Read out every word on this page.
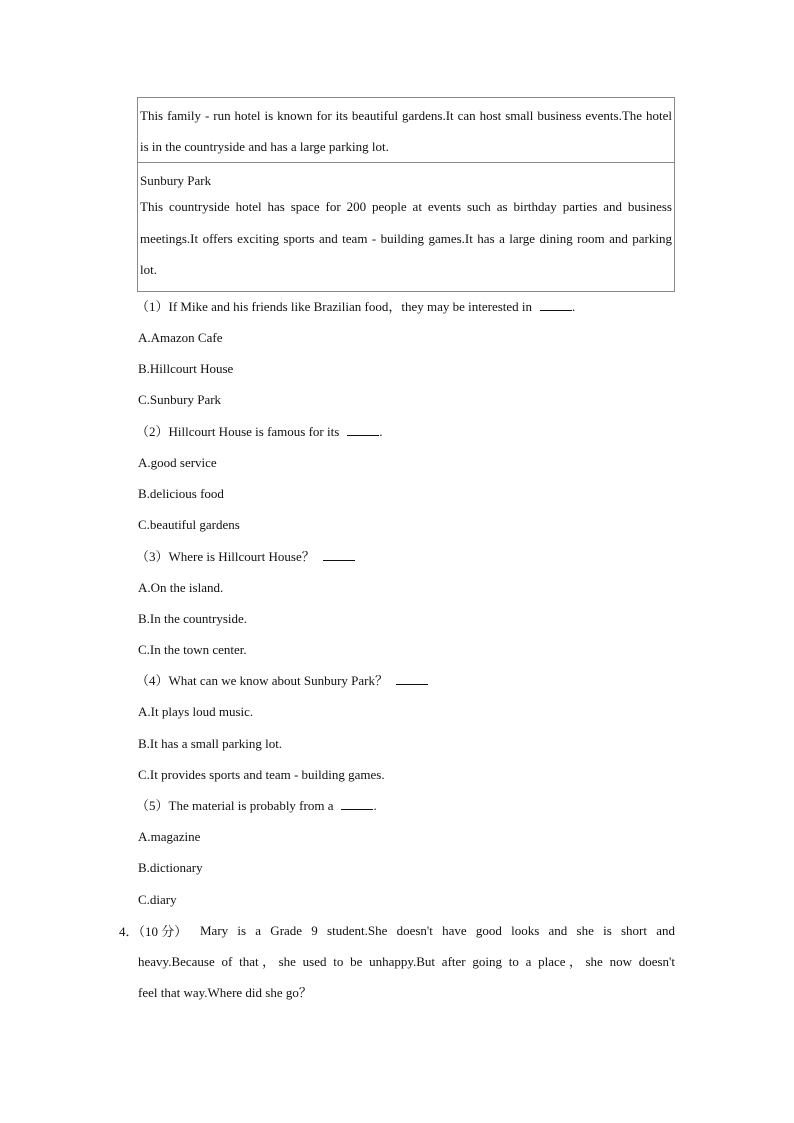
This family - run hotel is known for its beautiful gardens.It can host small business events.The hotel is in the countryside and has a large parking lot.

Sunbury Park

This countryside hotel has space for 200 people at events such as birthday parties and business meetings.It offers exciting sports and team - building games.It has a large dining room and parking lot.

（1）If Mike and his friends like Brazilian food，they may be interested in	.
A.Amazon Cafe
B.Hillcourt House
C.Sunbury Park
（2）Hillcourt House is famous for its	.
A.good service
B.delicious food
C.beautiful gardens
（3）Where is Hillcourt House？
A.On the island.
B.In the countryside.
C.In the town center.
（4）What can we know about Sunbury Park？
A.It plays loud music.
B.It has a small parking lot.
C.It provides sports and team - building games.
（5）The material is probably from a	.
A.magazine
B.dictionary
C.diary
4．（10 分） Mary is a Grade 9 student.She doesn't have good looks and she is short and
heavy.Because of that，she used to be unhappy.But after going to a place，she now doesn't
feel that way.Where did she go？
